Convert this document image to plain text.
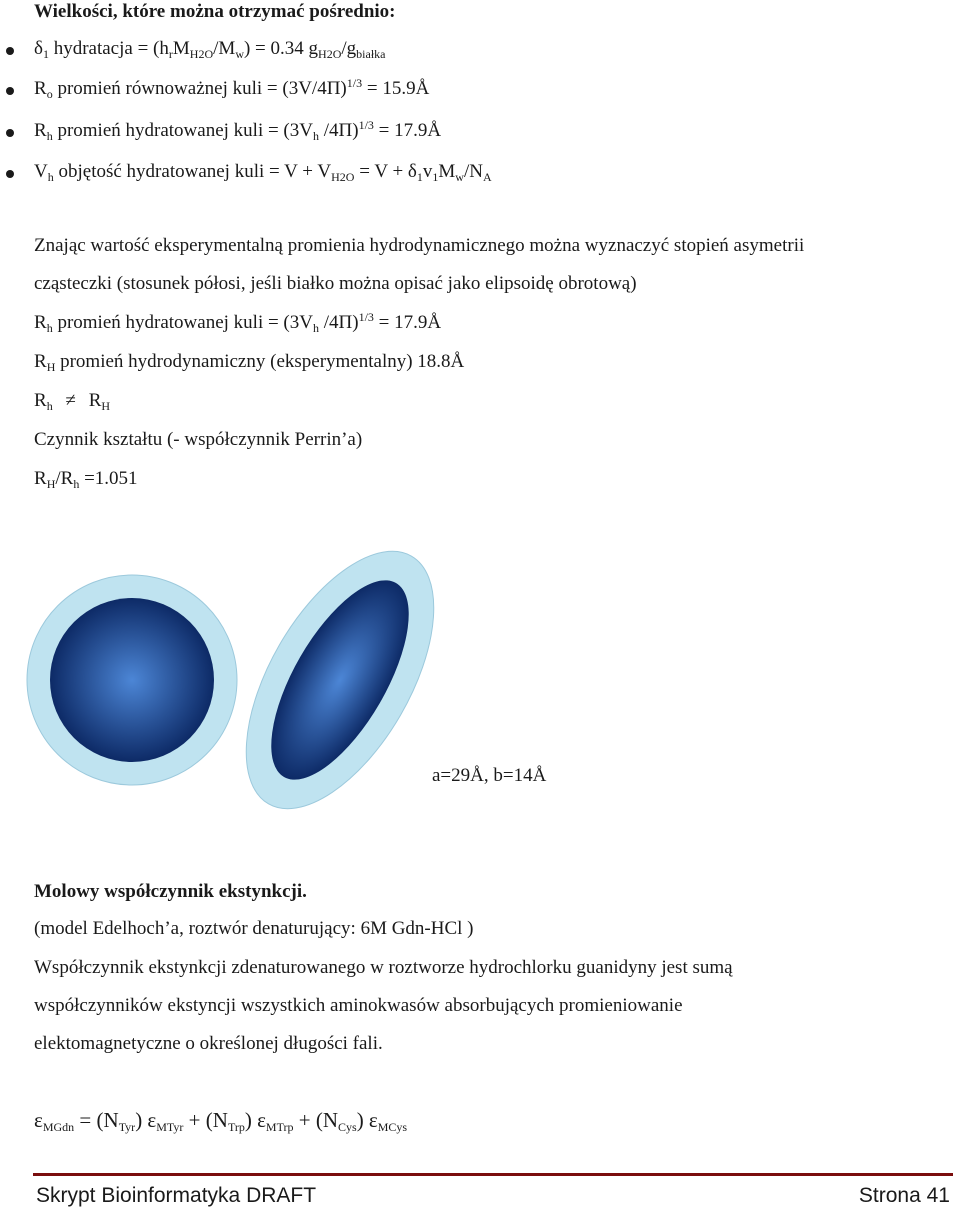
Wielkości, które można otrzymać pośrednio:
$\delta_1$ hydratacja = $(h_rM_{H2O}/M_w) = 0.34$ $g_{H2O}/g_{białka}$
$R_o$ promień równoważnej kuli = $(3V/4\Pi)^{1/3}$ = 15.9Å
$R_h$ promień hydratowanej kuli = ($3V_h$ /4Π)$^{1/3}$ = 17.9Å
$V_h$ objętość hydratowanej kuli = $V + V_{H2O} = V + \delta_1v_1M_w/N_A$
Znając wartość eksperymentalną promienia hydrodynamicznego można wyznaczyć stopień asymetrii
cząsteczki (stosunek półosi, jeśli białko można opisać jako elipsoidę obrotową)
$R_h$ promień hydratowanej kuli = ($3V_h$ /4Π)$^{1/3}$ = 17.9Å
$R_H$ promień hydrodynamiczny (eksperymentalny) 18.8Å
$R_h \ne R_H$
Czynnik kształtu (- współczynnik Perrin’a)
$R_H/R_h =1.051$
a=29Å, b=14Å
Molowy współczynnik ekstynkcji.
(model Edelhoch’a, roztwór denaturujący: 6M Gdn-HCl )
Współczynnik ekstynkcji zdenaturowanego w roztworze hydrochlorku guanidyny jest sumą
współczynników ekstyncji wszystkich aminokwasów absorbujących promieniowanie
elektomagnetyczne o określonej długości fali.
$\varepsilon_{MGdn} = (N_{Tyr}) \varepsilon_{MTyr} + (N_{Trp}) \varepsilon_{MTrp} + (N_{Cys})$ $\varepsilon_{MCys}$
Skrypt Bioinformatyka DRAFT	Strona 41
